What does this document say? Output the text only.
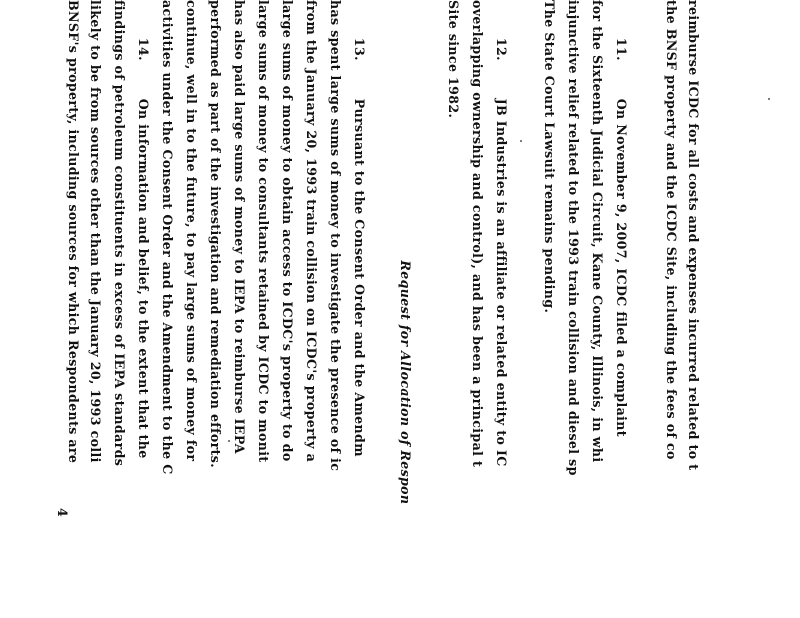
reimburse ICDC for all costs and expenses incurred related to t
the BNSF property and the ICDC Site, including the fees of co
11.        On November 9, 2007, ICDC filed a complaint
for the Sixteenth Judicial Circuit, Kane County, Illinois, in whi
injunctive relief related to the 1993 train collision and diesel sp
The State Court Lawsuit remains pending.
12.        JB Industries is an affiliate or related entity to IC
overlapping ownership and control), and has been a principal t
Site since 1982.
Request for Allocation of Respon
13.        Pursuant to the Consent Order and the Amendm
has spent large sums of money to investigate the presence of ic
from the January 20, 1993 train collision on ICDC's property a
large sums of money to obtain access to ICDC's property to do
large sums of money to consultants retained by ICDC to monit
has also paid large sums of money to IEPA to reimburse IEPA
performed as part of the investigation and remediation efforts.
continue, well in to the future, to pay large sums of money for
activities under the Consent Order and the Amendment to the C
14.        On information and belief, to the extent that the
findings of petroleum constituents in excess of IEPA standards
likely to be from sources other than the January 20, 1993 colli
BNSF's property, including sources for which Respondents are
4
